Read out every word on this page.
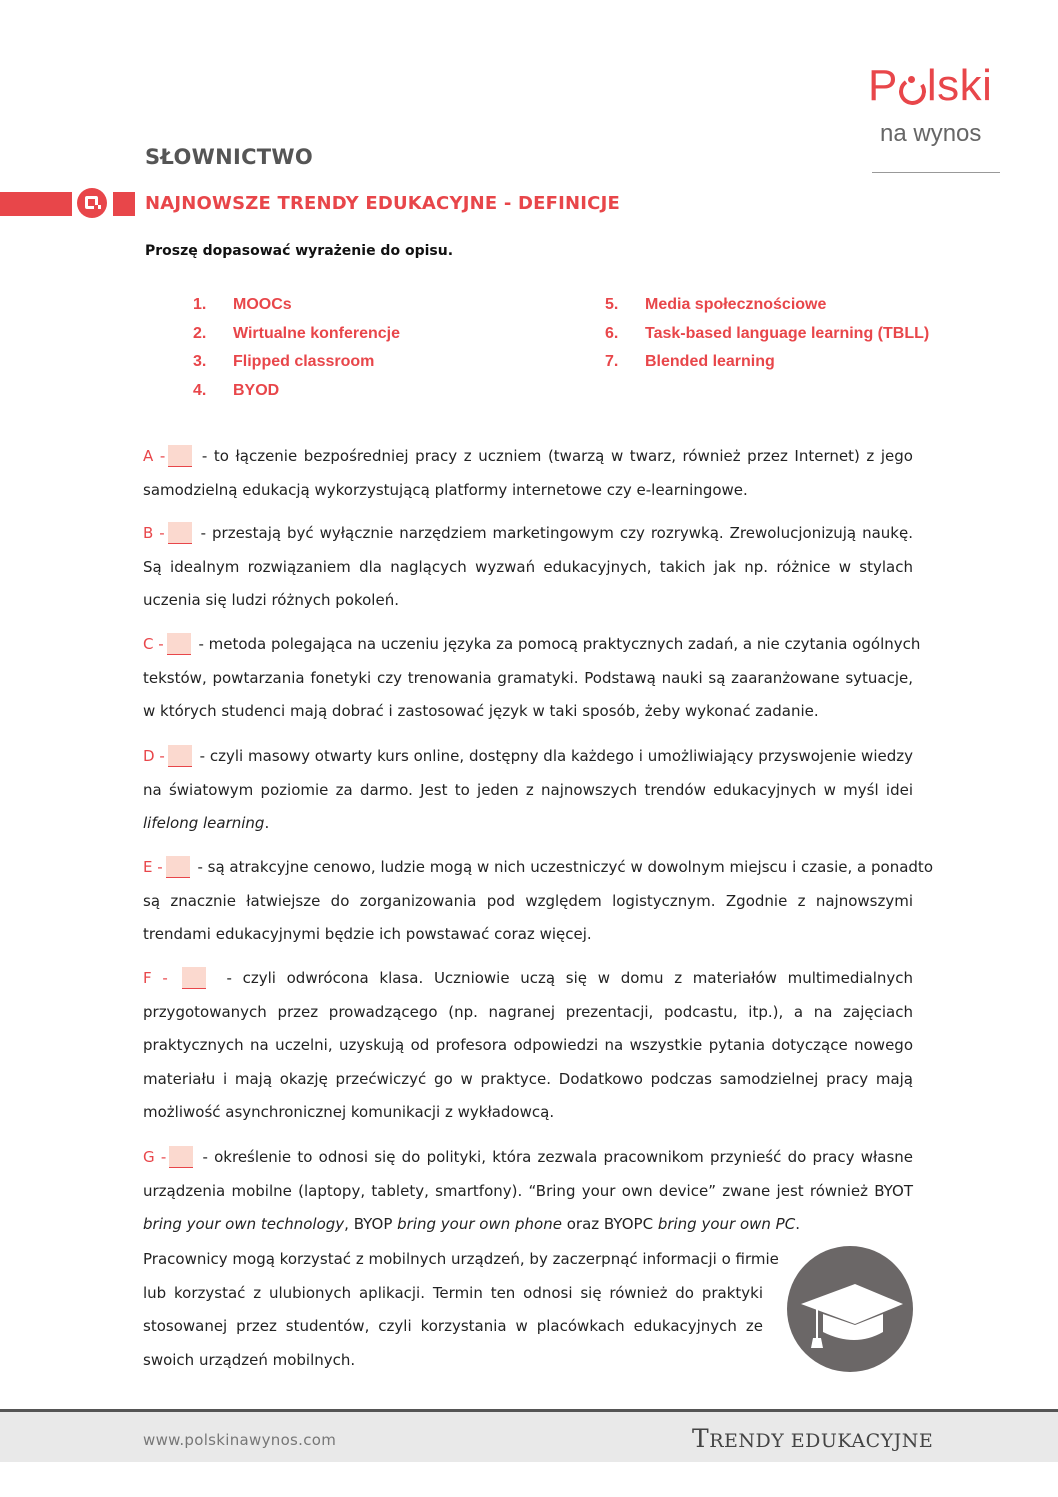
P lski
na wynos
SŁOWNICTWO
NAJNOWSZE TRENDY EDUKACYJNE - DEFINICJE
Proszę dopasować wyrażenie do opisu.
1.	MOOCs
2.	Wirtualne konferencje
3.	Flipped classroom
4.	BYOD
5.	Media społecznościowe
6.	Task-based language learning (TBLL)
7.	Blended learning
A - - to łączenie bezpośredniej pracy z uczniem (twarzą w twarz, również przez Internet) z jego
samodzielną edukacją wykorzystującą platformy internetowe czy e-learningowe.
B - - przestają być wyłącznie narzędziem marketingowym czy rozrywką. Zrewolucjonizują naukę.
Są idealnym rozwiązaniem dla naglących wyzwań edukacyjnych, takich jak np. różnice w stylach
uczenia się ludzi różnych pokoleń.
C - - metoda polegająca na uczeniu języka za pomocą praktycznych zadań, a nie czytania ogólnych
tekstów, powtarzania fonetyki czy trenowania gramatyki. Podstawą nauki są zaaranżowane sytuacje,
w których studenci mają dobrać i zastosować język w taki sposób, żeby wykonać zadanie.
D - - czyli masowy otwarty kurs online, dostępny dla każdego i umożliwiający przyswojenie wiedzy
na światowym poziomie za darmo. Jest to jeden z najnowszych trendów edukacyjnych w myśl idei
lifelong learning.
E - - są atrakcyjne cenowo, ludzie mogą w nich uczestniczyć w dowolnym miejscu i czasie, a ponadto
są znacznie łatwiejsze do zorganizowania pod względem logistycznym. Zgodnie z najnowszymi
trendami edukacyjnymi będzie ich powstawać coraz więcej.
F -	- czyli odwrócona klasa. Uczniowie uczą się w domu z materiałów multimedialnych
przygotowanych przez prowadzącego (np. nagranej prezentacji, podcastu, itp.), a na zajęciach
praktycznych na uczelni, uzyskują od profesora odpowiedzi na wszystkie pytania dotyczące nowego
materiału i mają okazję przećwiczyć go w praktyce. Dodatkowo podczas samodzielnej pracy mają
możliwość asynchronicznej komunikacji z wykładowcą.
G - - określenie to odnosi się do polityki, która zezwala pracownikom przynieść do pracy własne
urządzenia mobilne (laptopy, tablety, smartfony). “Bring your own device” zwane jest również BYOT
bring your own technology, BYOP bring your own phone oraz BYOPC bring your own PC.
Pracownicy mogą korzystać z mobilnych urządzeń, by zaczerpnąć informacji o firmie
lub korzystać z ulubionych aplikacji. Termin ten odnosi się również do praktyki
stosowanej przez studentów, czyli korzystania w placówkach edukacyjnych ze
swoich urządzeń mobilnych.
www.polskinawynos.com	TRENDY EDUKACYJNE
